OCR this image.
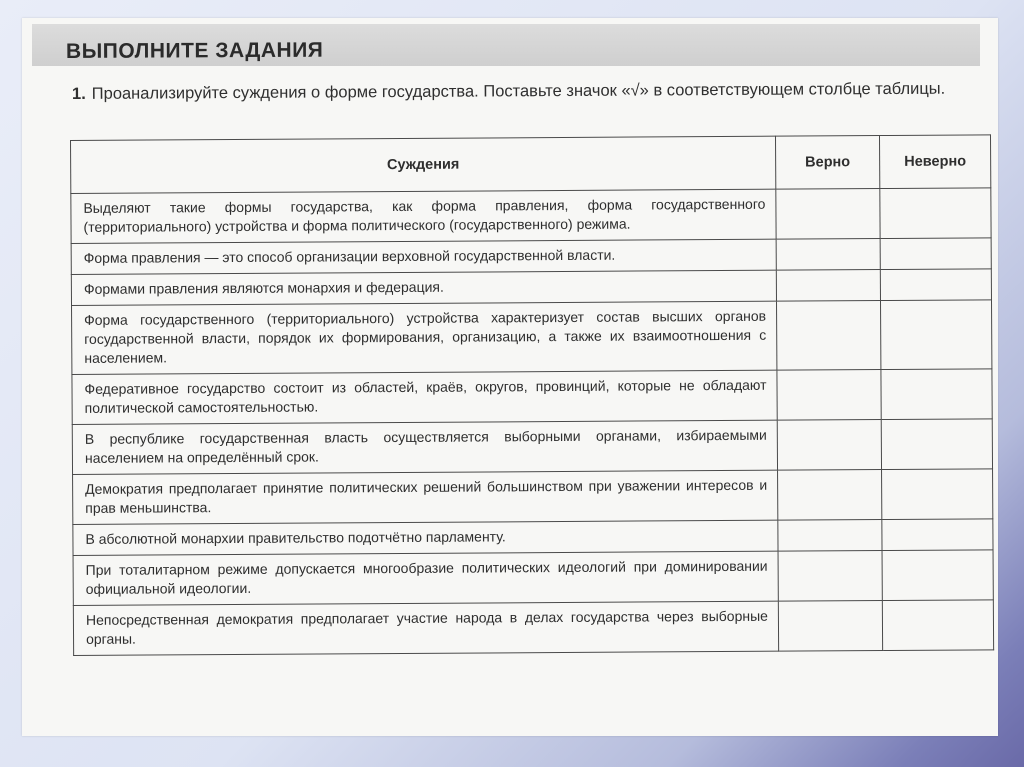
ВЫПОЛНИТЕ ЗАДАНИЯ
1. Проанализируйте суждения о форме государства. Поставьте значок «√» в соответствующем столбце таблицы.
Суждения	Верно	Неверно
Выделяют такие формы государства, как форма правления, форма государственного (территориального) устройства и форма политического (государственного) режима.		
Форма правления — это способ организации верховной государственной власти.		
Формами правления являются монархия и федерация.		
Форма государственного (территориального) устройства характеризует состав высших органов государственной власти, порядок их формирования, организацию, а также их взаимоотношения с населением.		
Федеративное государство состоит из областей, краёв, округов, провинций, которые не обладают политической самостоятельностью.		
В республике государственная власть осуществляется выборными органами, избираемыми населением на определённый срок.		
Демократия предполагает принятие политических решений большинством при уважении интересов и прав меньшинства.		
В абсолютной монархии правительство подотчётно парламенту.		
При тоталитарном режиме допускается многообразие политических идеологий при доминировании официальной идеологии.		
Непосредственная демократия предполагает участие народа в делах государства через выборные органы.		
